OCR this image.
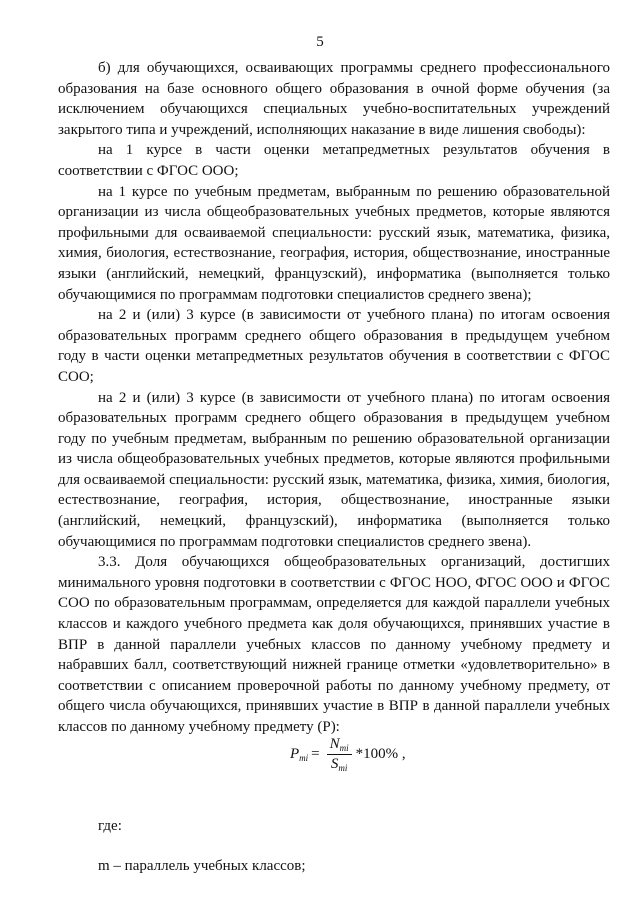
5

б) для обучающихся, осваивающих программы среднего профессионального образования на базе основного общего образования в очной форме обучения (за исключением обучающихся специальных учебно-воспитательных учреждений закрытого типа и учреждений, исполняющих наказание в виде лишения свободы):

на 1 курсе в части оценки метапредметных результатов обучения в соответствии с ФГОС ООО;

на 1 курсе по учебным предметам, выбранным по решению образовательной организации из числа общеобразовательных учебных предметов, которые являются профильными для осваиваемой специальности: русский язык, математика, физика, химия, биология, естествознание, география, история, обществознание, иностранные языки (английский, немецкий, французский), информатика (выполняется только обучающимися по программам подготовки специалистов среднего звена);

на 2 и (или) 3 курсе (в зависимости от учебного плана) по итогам освоения образовательных программ среднего общего образования в предыдущем учебном году в части оценки метапредметных результатов обучения в соответствии с ФГОС СОО;

на 2 и (или) 3 курсе (в зависимости от учебного плана) по итогам освоения образовательных программ среднего общего образования в предыдущем учебном году по учебным предметам, выбранным по решению образовательной организации из числа общеобразовательных учебных предметов, которые являются профильными для осваиваемой специальности: русский язык, математика, физика, химия, биология, естествознание, география, история, обществознание, иностранные языки (английский, немецкий, французский), информатика (выполняется только обучающимися по программам подготовки специалистов среднего звена).

3.3. Доля обучающихся общеобразовательных организаций, достигших минимального уровня подготовки в соответствии с ФГОС НОО, ФГОС ООО и ФГОС СОО по образовательным программам, определяется для каждой параллели учебных классов и каждого учебного предмета как доля обучающихся, принявших участие в ВПР в данной параллели учебных классов по данному учебному предмету и набравших балл, соответствующий нижней границе отметки «удовлетворительно» в соответствии с описанием проверочной работы по данному учебному предмету, от общего числа обучающихся, принявших участие в ВПР в данной параллели учебных классов по данному учебному предмету (P):

$P_{mi} = \frac{N_{mi}}{S_{mi}} *100\%$ ,
где:
m – параллель учебных классов;
